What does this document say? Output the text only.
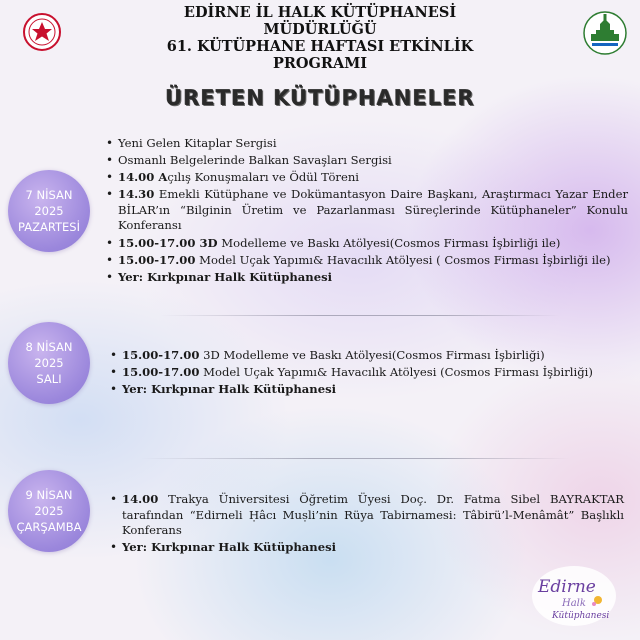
EDİRNE İL HALK KÜTÜPHANESİ
MÜDÜRLÜĞÜ
61. KÜTÜPHANE HAFTASI ETKİNLİK
PROGRAMI
ÜRETEN KÜTÜPHANELER
7 NİSAN
2025
PAZARTESİ
• Yeni Gelen Kitaplar Sergisi
• Osmanlı Belgelerinde Balkan Savaşları Sergisi
• 14.00 Açılış Konuşmaları ve Ödül Töreni
• 14.30 Emekli Kütüphane ve Dokümantasyon Daire Başkanı, Araştırmacı Yazar Ender BİLAR’ın “Bilginin Üretim ve Pazarlanması Süreçlerinde Kütüphaneler” Konulu Konferansı
• 15.00-17.00 3D Modelleme ve Baskı Atölyesi(Cosmos Firması İşbirliği ile)
• 15.00-17.00 Model Uçak Yapımı& Havacılık Atölyesi ( Cosmos Firması İşbirliği ile)
• Yer: Kırkpınar Halk Kütüphanesi
8 NİSAN
2025
SALI
• 15.00-17.00 3D Modelleme ve Baskı Atölyesi(Cosmos Firması İşbirliği)
• 15.00-17.00 Model Uçak Yapımı& Havacılık Atölyesi (Cosmos Firması İşbirliği)
• Yer: Kırkpınar Halk Kütüphanesi
9 NİSAN
2025
ÇARŞAMBA
• 14.00 Trakya Üniversitesi Öğretim Üyesi Doç. Dr. Fatma Sibel BAYRAKTAR tarafından “Edirneli Ḥâcı Muṣli’nin Rüya Tabirnamesi: Tâbirü’l-Menâmât” Başlıklı Konferans
• Yer: Kırkpınar Halk Kütüphanesi
Edirne
Halk
Kütüphanesi
